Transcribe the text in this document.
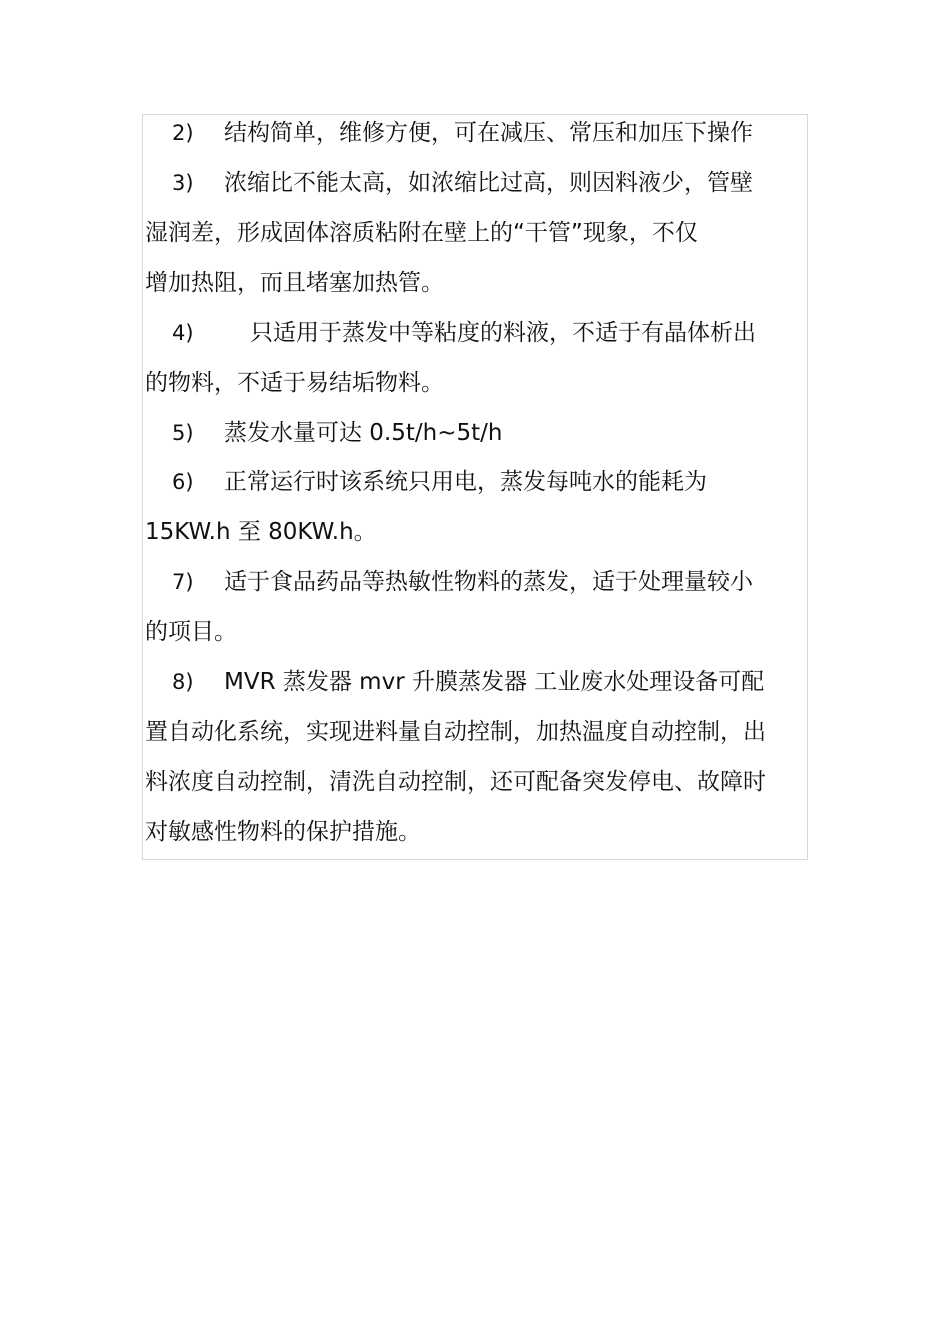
2) 结构简单，维修方便，可在减压、常压和加压下操作
3) 浓缩比不能太高，如浓缩比过高，则因料液少，管壁
湿润差，形成固体溶质粘附在壁上的“干管”现象，不仅
增加热阻，而且堵塞加热管。
4) 只适用于蒸发中等粘度的料液，不适于有晶体析出
的物料，不适于易结垢物料。
5) 蒸发水量可达 0.5t/h~5t/h
6) 正常运行时该系统只用电，蒸发每吨水的能耗为
15KW.h 至 80KW.h。
7) 适于食品药品等热敏性物料的蒸发，适于处理量较小
的项目。
8) MVR 蒸发器 mvr 升膜蒸发器 工业废水处理设备可配
置自动化系统，实现进料量自动控制，加热温度自动控制，出
料浓度自动控制，清洗自动控制，还可配备突发停电、故障时
对敏感性物料的保护措施。
